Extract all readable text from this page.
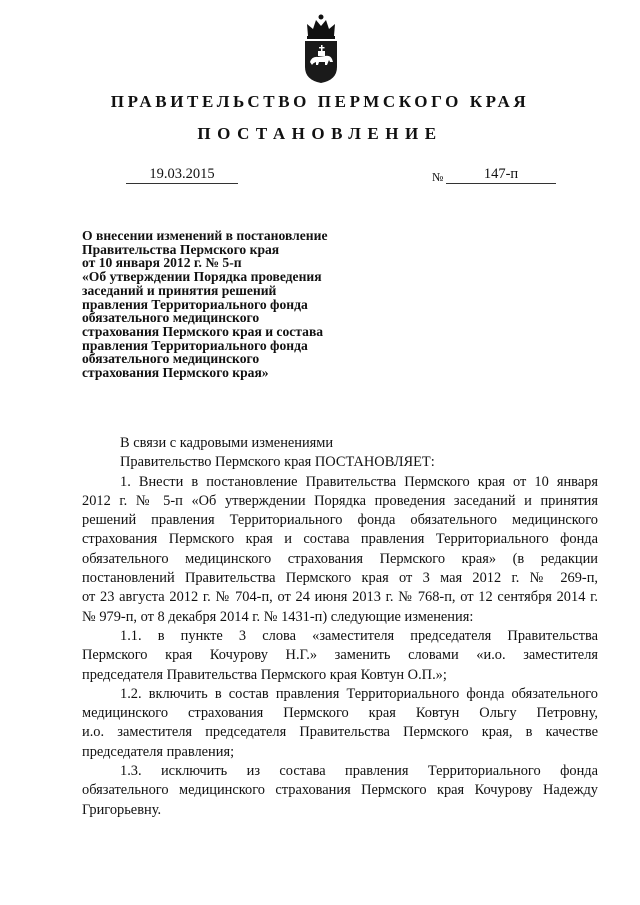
ПРАВИТЕЛЬСТВО ПЕРМСКОГО КРАЯ
ПОСТАНОВЛЕНИЕ
19.03.2015	№	147-п
О внесении изменений в постановление
Правительства Пермского края
от 10 января 2012 г. № 5-п
«Об утверждении Порядка проведения
заседаний и принятия решений
правления Территориального фонда
обязательного медицинского
страхования Пермского края и состава
правления Территориального фонда
обязательного медицинского
страхования Пермского края»
В связи с кадровыми изменениями
Правительство Пермского края ПОСТАНОВЛЯЕТ:
1. Внести в постановление Правительства Пермского края от 10 января
2012 г. № 5-п «Об утверждении Порядка проведения заседаний и принятия
решений правления Территориального фонда обязательного медицинского
страхования Пермского края и состава правления Территориального фонда
обязательного медицинского страхования Пермского края» (в редакции
постановлений Правительства Пермского края от 3 мая 2012 г. № 269-п,
от 23 августа 2012 г. № 704-п, от 24 июня 2013 г. № 768-п, от 12 сентября 2014 г.
№ 979-п, от 8 декабря 2014 г. № 1431-п) следующие изменения:
1.1. в пункте 3 слова «заместителя председателя Правительства
Пермского края Кочурову Н.Г.» заменить словами «и.о. заместителя
председателя Правительства Пермского края Ковтун О.П.»;
1.2. включить в состав правления Территориального фонда обязательного
медицинского страхования Пермского края Ковтун Ольгу Петровну,
и.о. заместителя председателя Правительства Пермского края, в качестве
председателя правления;
1.3. исключить из состава правления Территориального фонда
обязательного медицинского страхования Пермского края Кочурову Надежду
Григорьевну.
